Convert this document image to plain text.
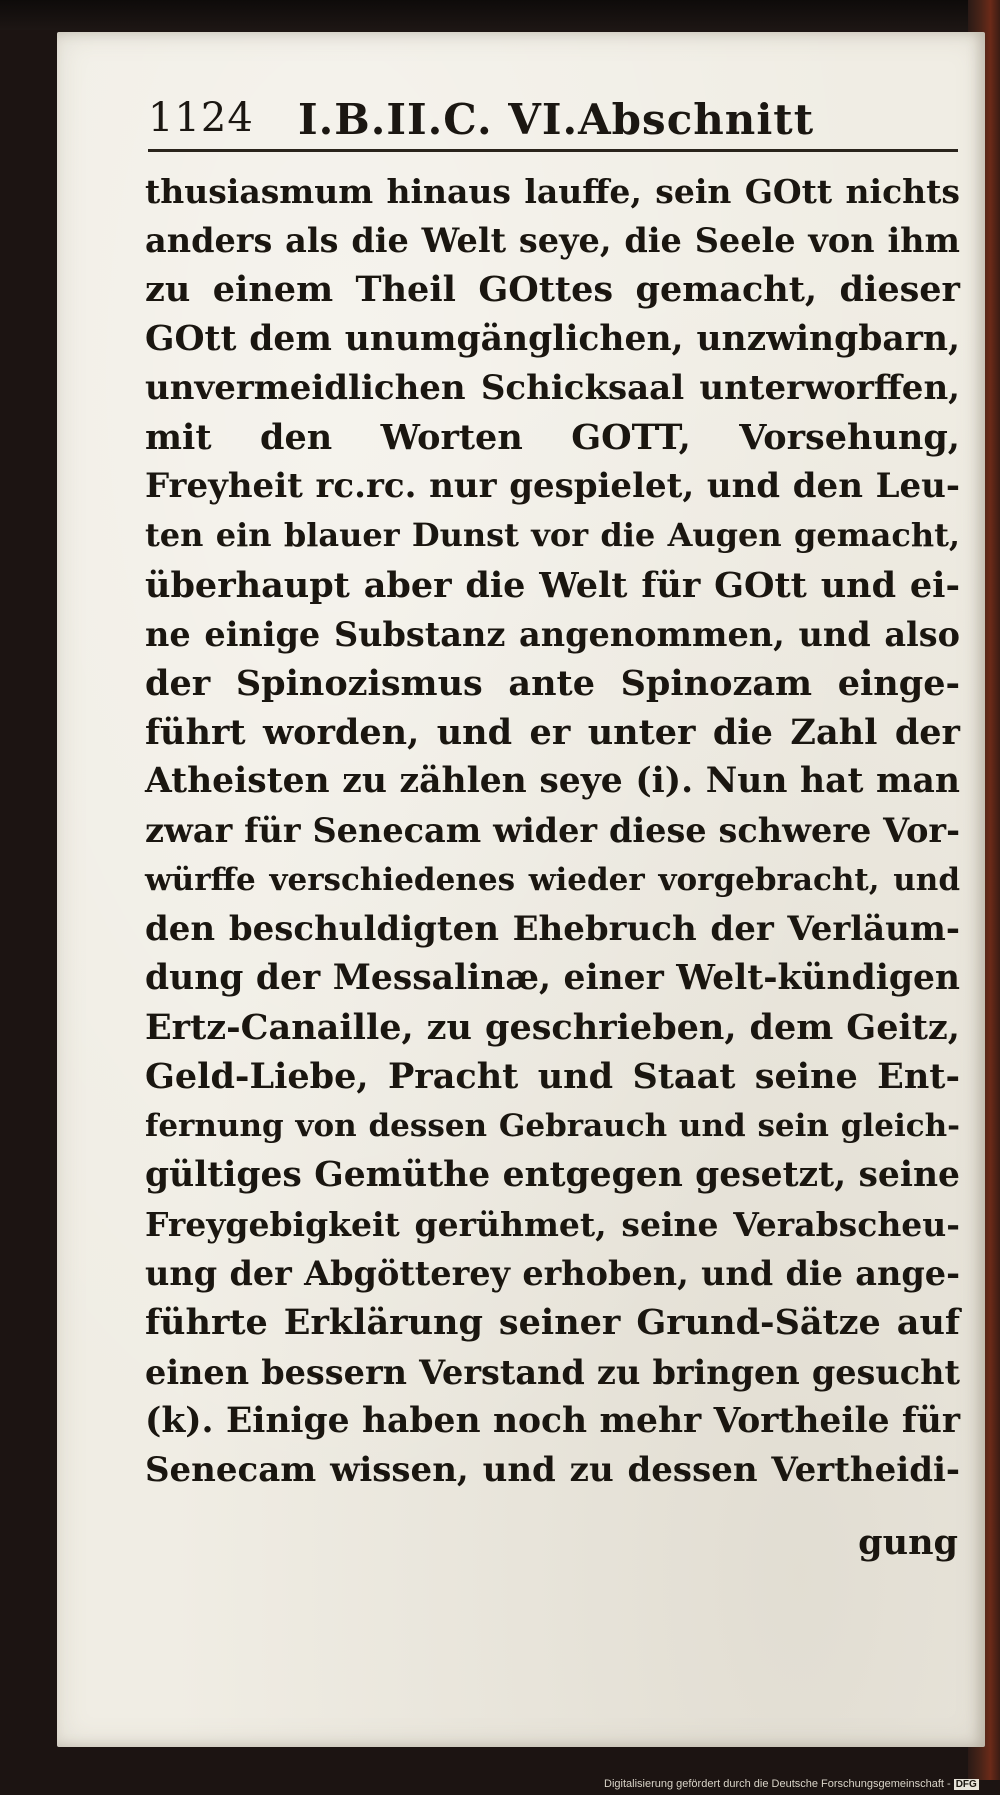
1124 I.B.II.C. VI.Abschnitt
thusiasmum hinaus lauffe, sein GOtt nichts
anders als die Welt seye, die Seele von ihm
zu einem Theil GOttes gemacht, dieser
GOtt dem unumgänglichen, unzwingbarn,
unvermeidlichen Schicksaal unterworffen,
mit den Worten GOTT, Vorsehung,
Freyheit rc.rc. nur gespielet, und den Leu-
ten ein blauer Dunst vor die Augen gemacht,
überhaupt aber die Welt für GOtt und ei-
ne einige Substanz angenommen, und also
der Spinozismus ante Spinozam einge-
führt worden, und er unter die Zahl der
Atheisten zu zählen seye (i). Nun hat man
zwar für Senecam wider diese schwere Vor-
würffe verschiedenes wieder vorgebracht, und
den beschuldigten Ehebruch der Verläum-
dung der Messalinæ, einer Welt-kündigen
Ertz-Canaille, zu geschrieben, dem Geitz,
Geld-Liebe, Pracht und Staat seine Ent-
fernung von dessen Gebrauch und sein gleich-
gültiges Gemüthe entgegen gesetzt, seine
Freygebigkeit gerühmet, seine Verabscheu-
ung der Abgötterey erhoben, und die ange-
führte Erklärung seiner Grund-Sätze auf
einen bessern Verstand zu bringen gesucht
(k). Einige haben noch mehr Vortheile für
Senecam wissen, und zu dessen Vertheidi-
gung
Digitalisierung gefördert durch die Deutsche Forschungsgemeinschaft - DFG
